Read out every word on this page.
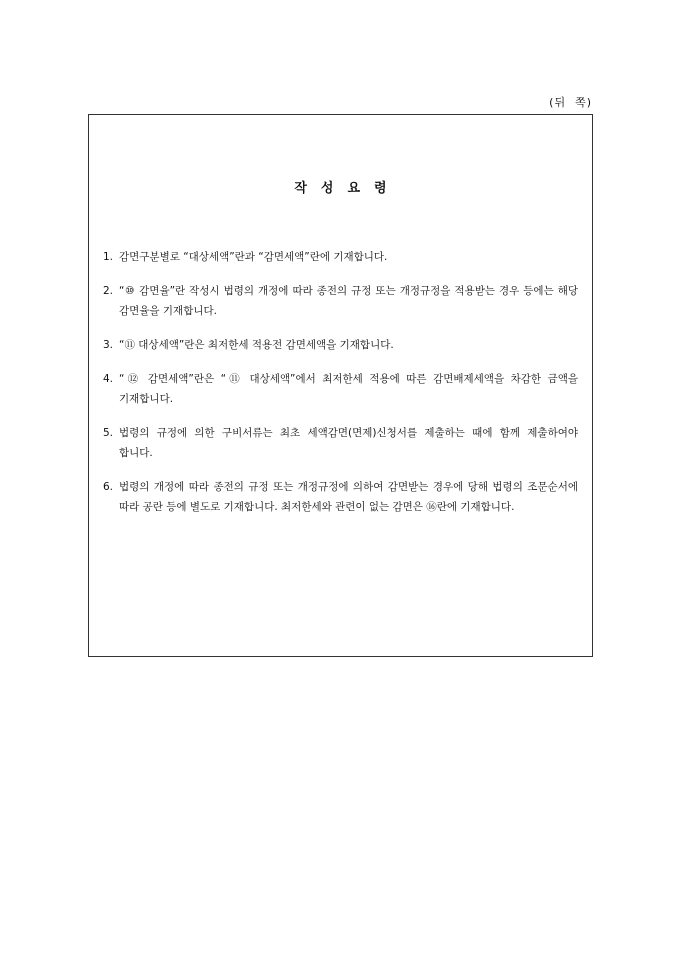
(뒤  쪽)
작성요령
1. 감면구분별로 “대상세액”란과 “감면세액”란에 기재합니다.
2. “⑩ 감면율”란 작성시 법령의 개정에 따라 종전의 규정 또는 개정규정을 적용받는 경우 등에는 해당 감면율을 기재합니다.
3. “⑪ 대상세액”란은 최저한세 적용전 감면세액을 기재합니다.
4. “⑫ 감면세액”란은 “⑪ 대상세액”에서 최저한세 적용에 따른 감면배제세액을 차감한 금액을 기재합니다.
5. 법령의 규정에 의한 구비서류는 최초 세액감면(면제)신청서를 제출하는 때에 함께 제출하여야 합니다.
6. 법령의 개정에 따라 종전의 규정 또는 개정규정에 의하여 감면받는 경우에 당해 법령의 조문순서에 따라 공란 등에 별도로 기재합니다. 최저한세와 관련이 없는 감면은 ⑯란에 기재합니다.
